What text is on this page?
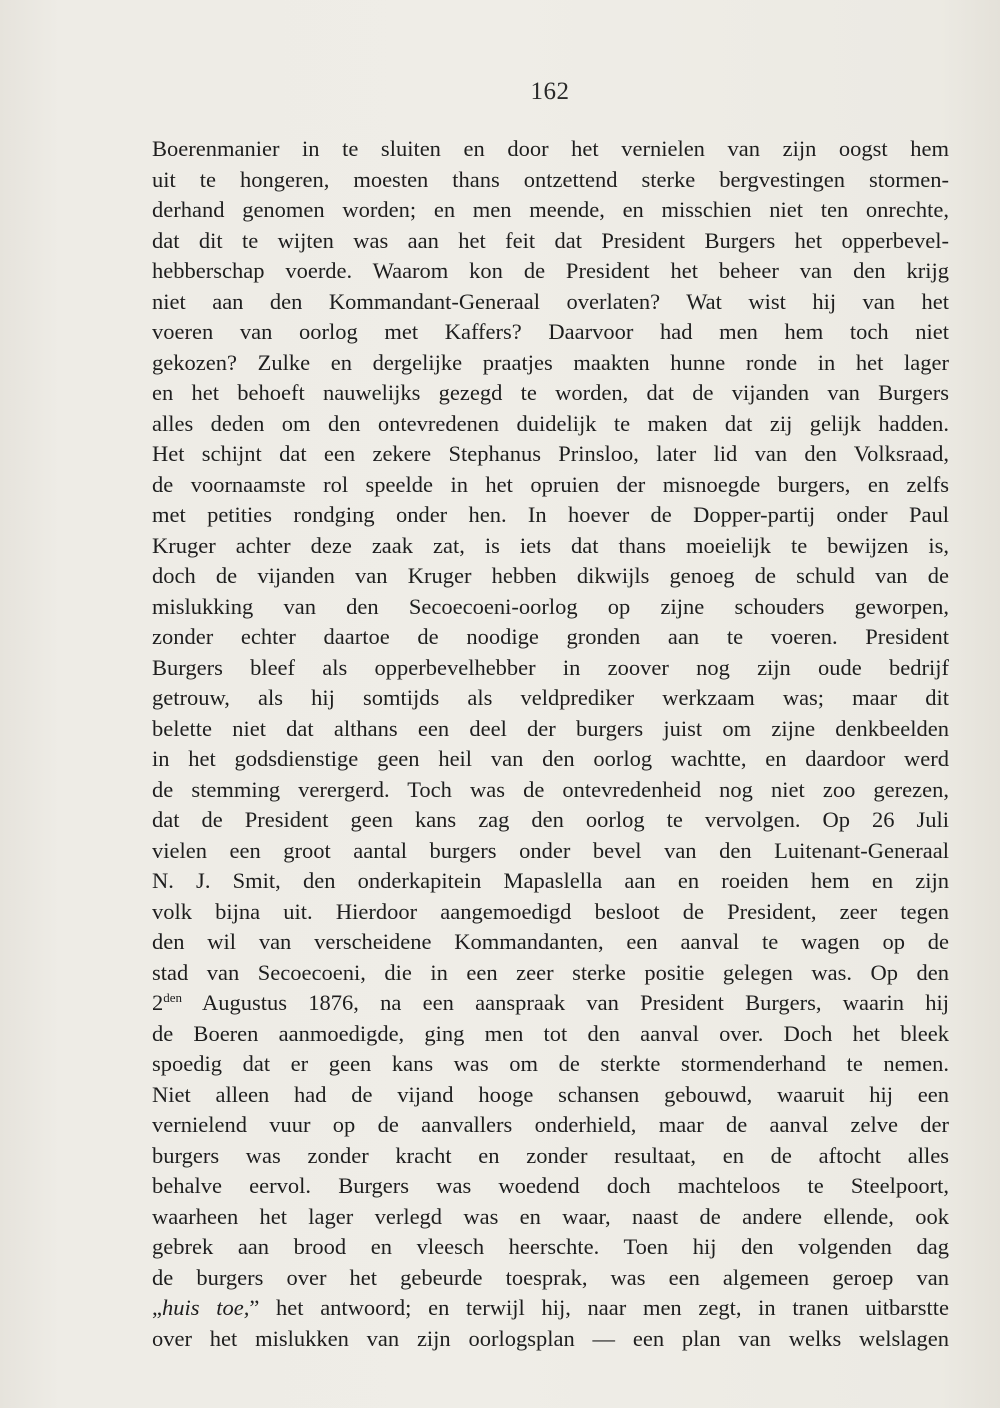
162
Boerenmanier in te sluiten en door het vernielen van zijn oogst hem
uit te hongeren, moesten thans ontzettend sterke bergvestingen stormen-
derhand genomen worden; en men meende, en misschien niet ten onrechte,
dat dit te wijten was aan het feit dat President Burgers het opperbevel-
hebberschap voerde. Waarom kon de President het beheer van den krijg
niet aan den Kommandant-Generaal overlaten? Wat wist hij van het
voeren van oorlog met Kaffers? Daarvoor had men hem toch niet
gekozen? Zulke en dergelijke praatjes maakten hunne ronde in het lager
en het behoeft nauwelijks gezegd te worden, dat de vijanden van Burgers
alles deden om den ontevredenen duidelijk te maken dat zij gelijk hadden.
Het schijnt dat een zekere Stephanus Prinsloo, later lid van den Volksraad,
de voornaamste rol speelde in het opruien der misnoegde burgers, en zelfs
met petities rondging onder hen. In hoever de Dopper-partij onder Paul
Kruger achter deze zaak zat, is iets dat thans moeielijk te bewijzen is,
doch de vijanden van Kruger hebben dikwijls genoeg de schuld van de
mislukking van den Secoecoeni-oorlog op zijne schouders geworpen,
zonder echter daartoe de noodige gronden aan te voeren. President
Burgers bleef als opperbevelhebber in zoover nog zijn oude bedrijf
getrouw, als hij somtijds als veldprediker werkzaam was; maar dit
belette niet dat althans een deel der burgers juist om zijne denkbeelden
in het godsdienstige geen heil van den oorlog wachtte, en daardoor werd
de stemming verergerd. Toch was de ontevredenheid nog niet zoo gerezen,
dat de President geen kans zag den oorlog te vervolgen. Op 26 Juli
vielen een groot aantal burgers onder bevel van den Luitenant-Generaal
N. J. Smit, den onderkapitein Mapaslella aan en roeiden hem en zijn
volk bijna uit. Hierdoor aangemoedigd besloot de President, zeer tegen
den wil van verscheidene Kommandanten, een aanval te wagen op de
stad van Secoecoeni, die in een zeer sterke positie gelegen was. Op den
$2^{den}$ Augustus 1876, na een aanspraak van President Burgers, waarin hij
de Boeren aanmoedigde, ging men tot den aanval over. Doch het bleek
spoedig dat er geen kans was om de sterkte stormenderhand te nemen.
Niet alleen had de vijand hooge schansen gebouwd, waaruit hij een
vernielend vuur op de aanvallers onderhield, maar de aanval zelve der
burgers was zonder kracht en zonder resultaat, en de aftocht alles
behalve eervol. Burgers was woedend doch machteloos te Steelpoort,
waarheen het lager verlegd was en waar, naast de andere ellende, ook
gebrek aan brood en vleesch heerschte. Toen hij den volgenden dag
de burgers over het gebeurde toesprak, was een algemeen geroep van
„huis toe,” het antwoord; en terwijl hij, naar men zegt, in tranen uitbarstte
over het mislukken van zijn oorlogsplan — een plan van welks welslagen
